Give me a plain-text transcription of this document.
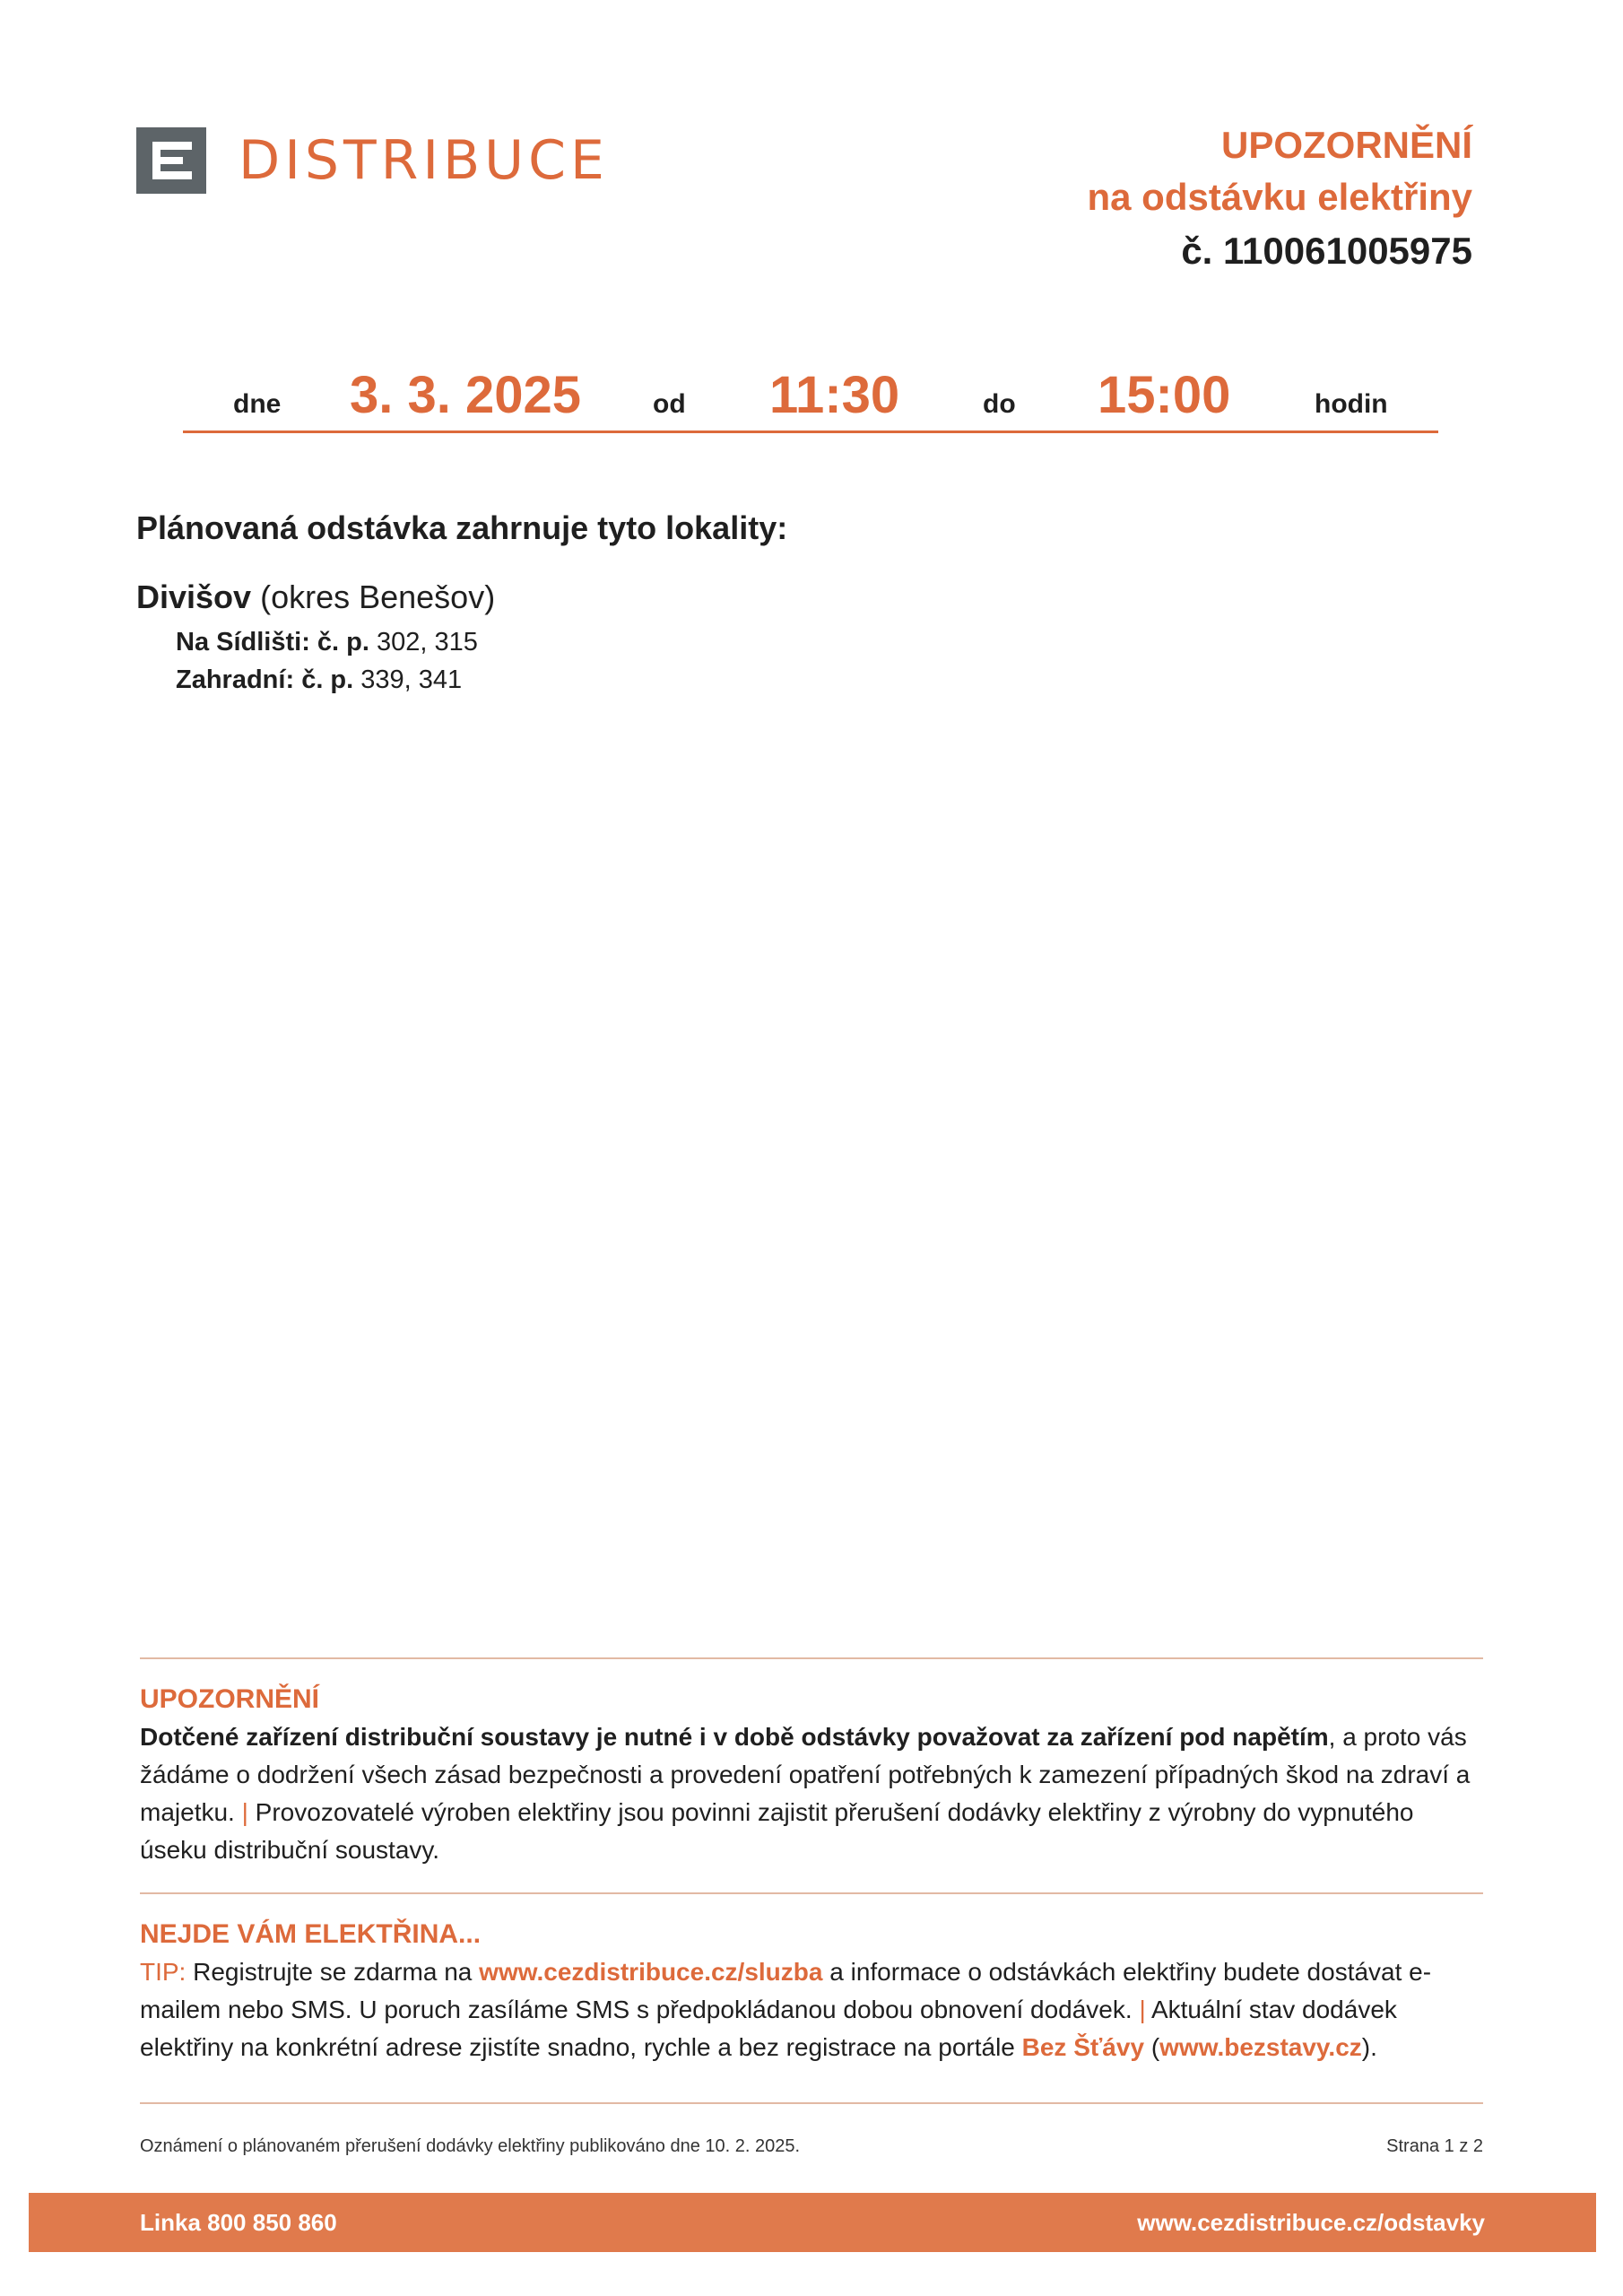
DISTRIBUCE	UPOZORNĚNÍ
na odstávku elektřiny
č. 110061005975
dne 3. 3. 2025	od 11:30	do 15:00	hodin
Plánovaná odstávka zahrnuje tyto lokality:
Divišov (okres Benešov)
Na Sídlišti: č. p. 302, 315
Zahradní: č. p. 339, 341
UPOZORNĚNÍ
Dotčené zařízení distribuční soustavy je nutné i v době odstávky považovat za zařízení pod napětím, a proto vás žádáme o dodržení všech zásad bezpečnosti a provedení opatření potřebných k zamezení případných škod na zdraví a majetku. | Provozovatelé výroben elektřiny jsou povinni zajistit přerušení dodávky elektřiny z výrobny do vypnutého úseku distribuční soustavy.
NEJDE VÁM ELEKTŘINA...
TIP: Registrujte se zdarma na www.cezdistribuce.cz/sluzba a informace o odstávkách elektřiny budete dostávat e-mailem nebo SMS. U poruch zasíláme SMS s předpokládanou dobou obnovení dodávek. | Aktuální stav dodávek elektřiny na konkrétní adrese zjistíte snadno, rychle a bez registrace na portále Bez Šťávy (www.bezstavy.cz).
Oznámení o plánovaném přerušení dodávky elektřiny publikováno dne 10. 2. 2025.	Strana 1 z 2
Linka 800 850 860	www.cezdistribuce.cz/odstavky
